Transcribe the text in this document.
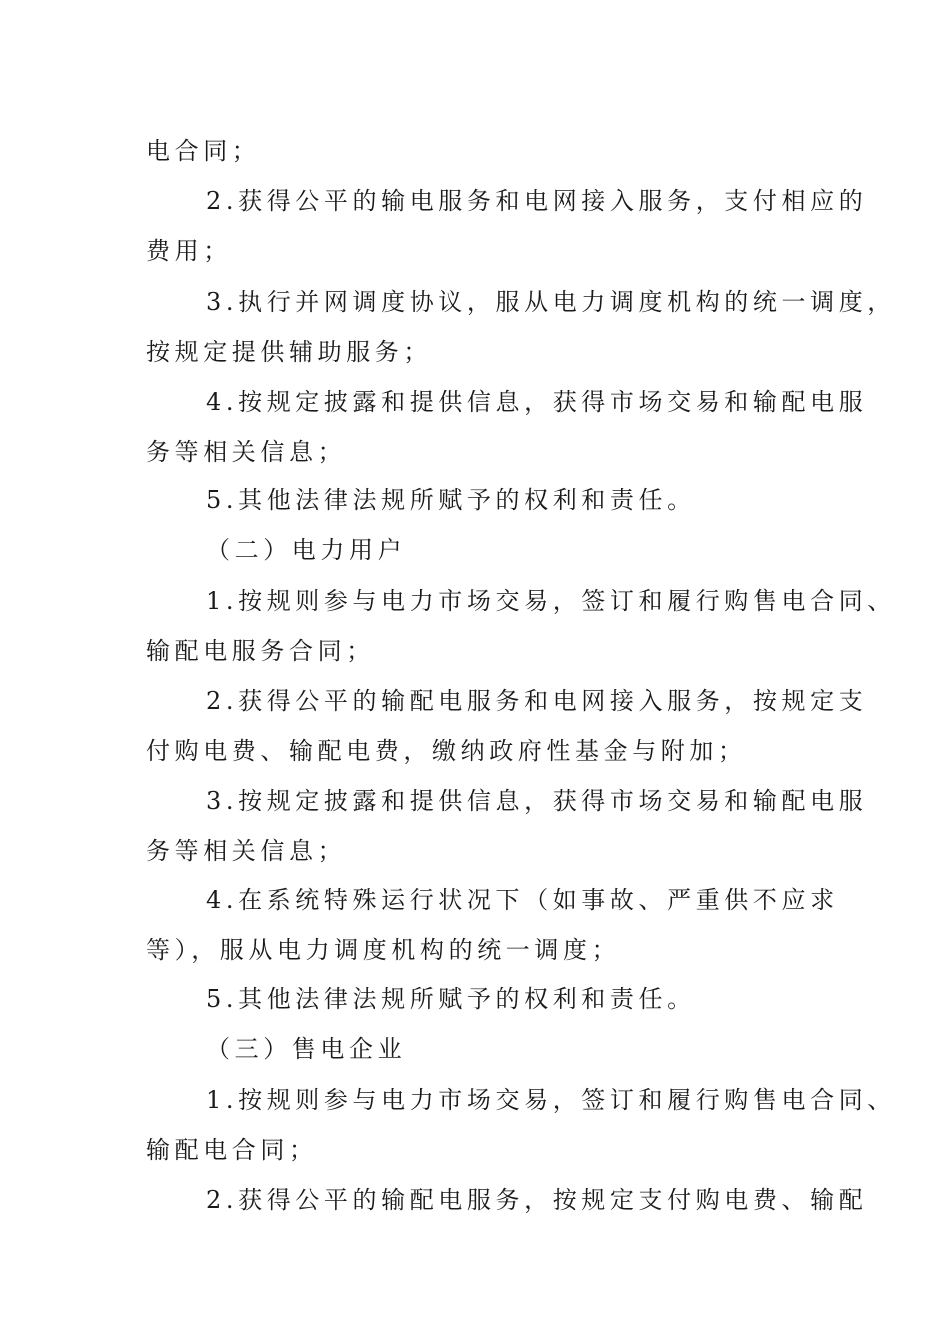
电合同；
2.获得公平的输电服务和电网接入服务，支付相应的
费用；
3.执行并网调度协议，服从电力调度机构的统一调度，
按规定提供辅助服务；
4.按规定披露和提供信息，获得市场交易和输配电服
务等相关信息；
5.其他法律法规所赋予的权利和责任。
（二）电力用户
1.按规则参与电力市场交易，签订和履行购售电合同、
输配电服务合同；
2.获得公平的输配电服务和电网接入服务，按规定支
付购电费、输配电费，缴纳政府性基金与附加；
3.按规定披露和提供信息，获得市场交易和输配电服
务等相关信息；
4.在系统特殊运行状况下（如事故、严重供不应求
等），服从电力调度机构的统一调度；
5.其他法律法规所赋予的权利和责任。
（三）售电企业
1.按规则参与电力市场交易，签订和履行购售电合同、
输配电合同；
2.获得公平的输配电服务，按规定支付购电费、输配
